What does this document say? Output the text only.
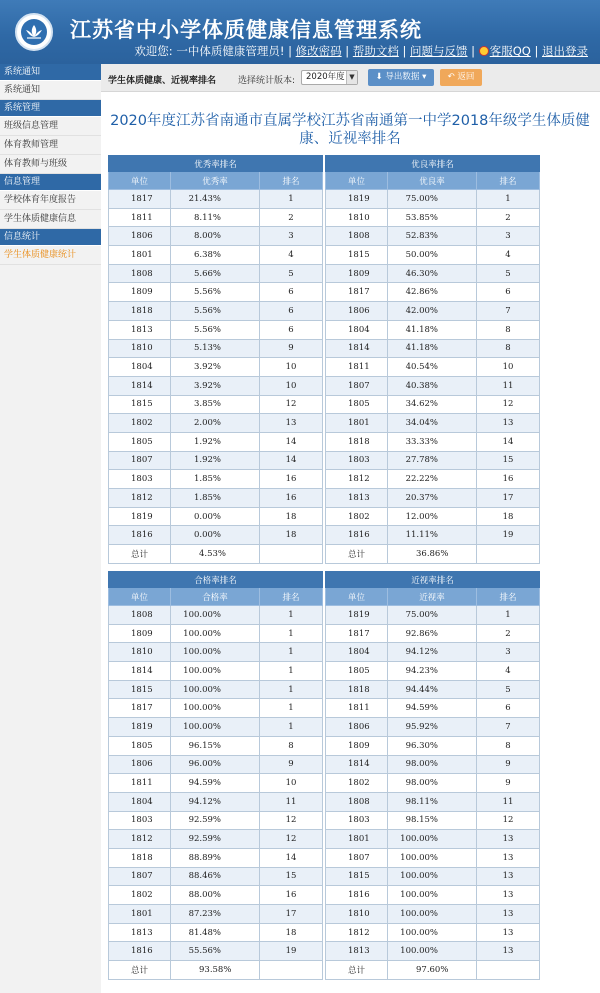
江苏省中小学体质健康信息管理系统
欢迎您: 一中体质健康管理员! | 修改密码 | 帮助文档 | 问题与反馈 | 客服QQ | 退出登录
系统通知
系统通知
系统管理
班级信息管理
体育教师管理
体育教师与班级
信息管理
学校体育年度报告
学生体质健康信息
信息统计
学生体质健康统计
学生体质健康、近视率排名 选择统计版本:	2020年度 ▼	⬇ 导出数据 ▾	↶ 返回
2020年度江苏省南通市直属学校江苏省南通第一中学2018年级学生体质健康、近视率排名
优秀率排名		
单位	优秀率	排名
1817	21.43%	1
1811	8.11%	2
1806	8.00%	3
1801	6.38%	4
1808	5.66%	5
1809	5.56%	6
1818	5.56%	6
1813	5.56%	6
1810	5.13%	9
1804	3.92%	10
1814	3.92%	10
1815	3.85%	12
1802	2.00%	13
1805	1.92%	14
1807	1.92%	14
1803	1.85%	16
1812	1.85%	16
1819	0.00%	18
1816	0.00%	18
总计	4.53%	
优良率排名		
单位	优良率	排名
1819	75.00%	1
1810	53.85%	2
1808	52.83%	3
1815	50.00%	4
1809	46.30%	5
1817	42.86%	6
1806	42.00%	7
1804	41.18%	8
1814	41.18%	8
1811	40.54%	10
1807	40.38%	11
1805	34.62%	12
1801	34.04%	13
1818	33.33%	14
1803	27.78%	15
1812	22.22%	16
1813	20.37%	17
1802	12.00%	18
1816	11.11%	19
总计	36.86%	
合格率排名		
单位	合格率	排名
1808	100.00%	1
1809	100.00%	1
1810	100.00%	1
1814	100.00%	1
1815	100.00%	1
1817	100.00%	1
1819	100.00%	1
1805	96.15%	8
1806	96.00%	9
1811	94.59%	10
1804	94.12%	11
1803	92.59%	12
1812	92.59%	12
1818	88.89%	14
1807	88.46%	15
1802	88.00%	16
1801	87.23%	17
1813	81.48%	18
1816	55.56%	19
总计	93.58%	
近视率排名		
单位	近视率	排名
1819	75.00%	1
1817	92.86%	2
1804	94.12%	3
1805	94.23%	4
1818	94.44%	5
1811	94.59%	6
1806	95.92%	7
1809	96.30%	8
1814	98.00%	9
1802	98.00%	9
1808	98.11%	11
1803	98.15%	12
1801	100.00%	13
1807	100.00%	13
1815	100.00%	13
1816	100.00%	13
1810	100.00%	13
1812	100.00%	13
1813	100.00%	13
总计	97.60%	
